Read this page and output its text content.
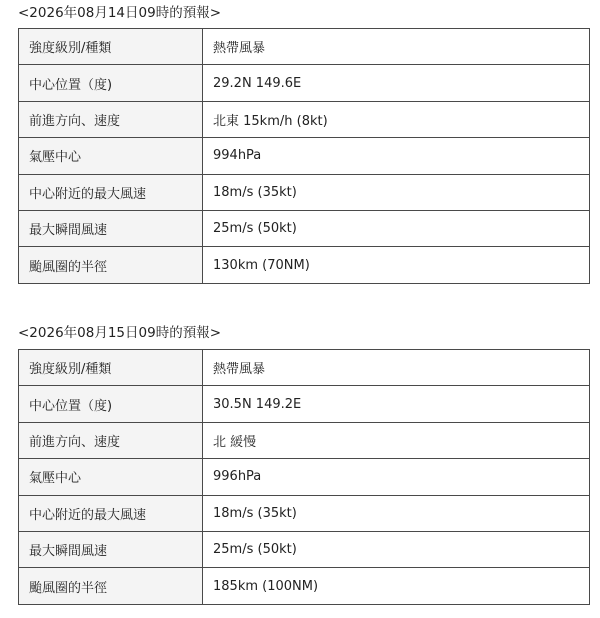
<2026年08月14日09時的預報>
強度級別/種類	熱帶風暴
中心位置（度)	29.2N 149.6E
前進方向、速度	北東 15km/h (8kt)
氣壓中心	994hPa
中心附近的最大風速	18m/s (35kt)
最大瞬間風速	25m/s (50kt)
颱風圈的半徑	130km (70NM)
<2026年08月15日09時的預報>
強度級別/種類	熱帶風暴
中心位置（度)	30.5N 149.2E
前進方向、速度	北 緩慢
氣壓中心	996hPa
中心附近的最大風速	18m/s (35kt)
最大瞬間風速	25m/s (50kt)
颱風圈的半徑	185km (100NM)
